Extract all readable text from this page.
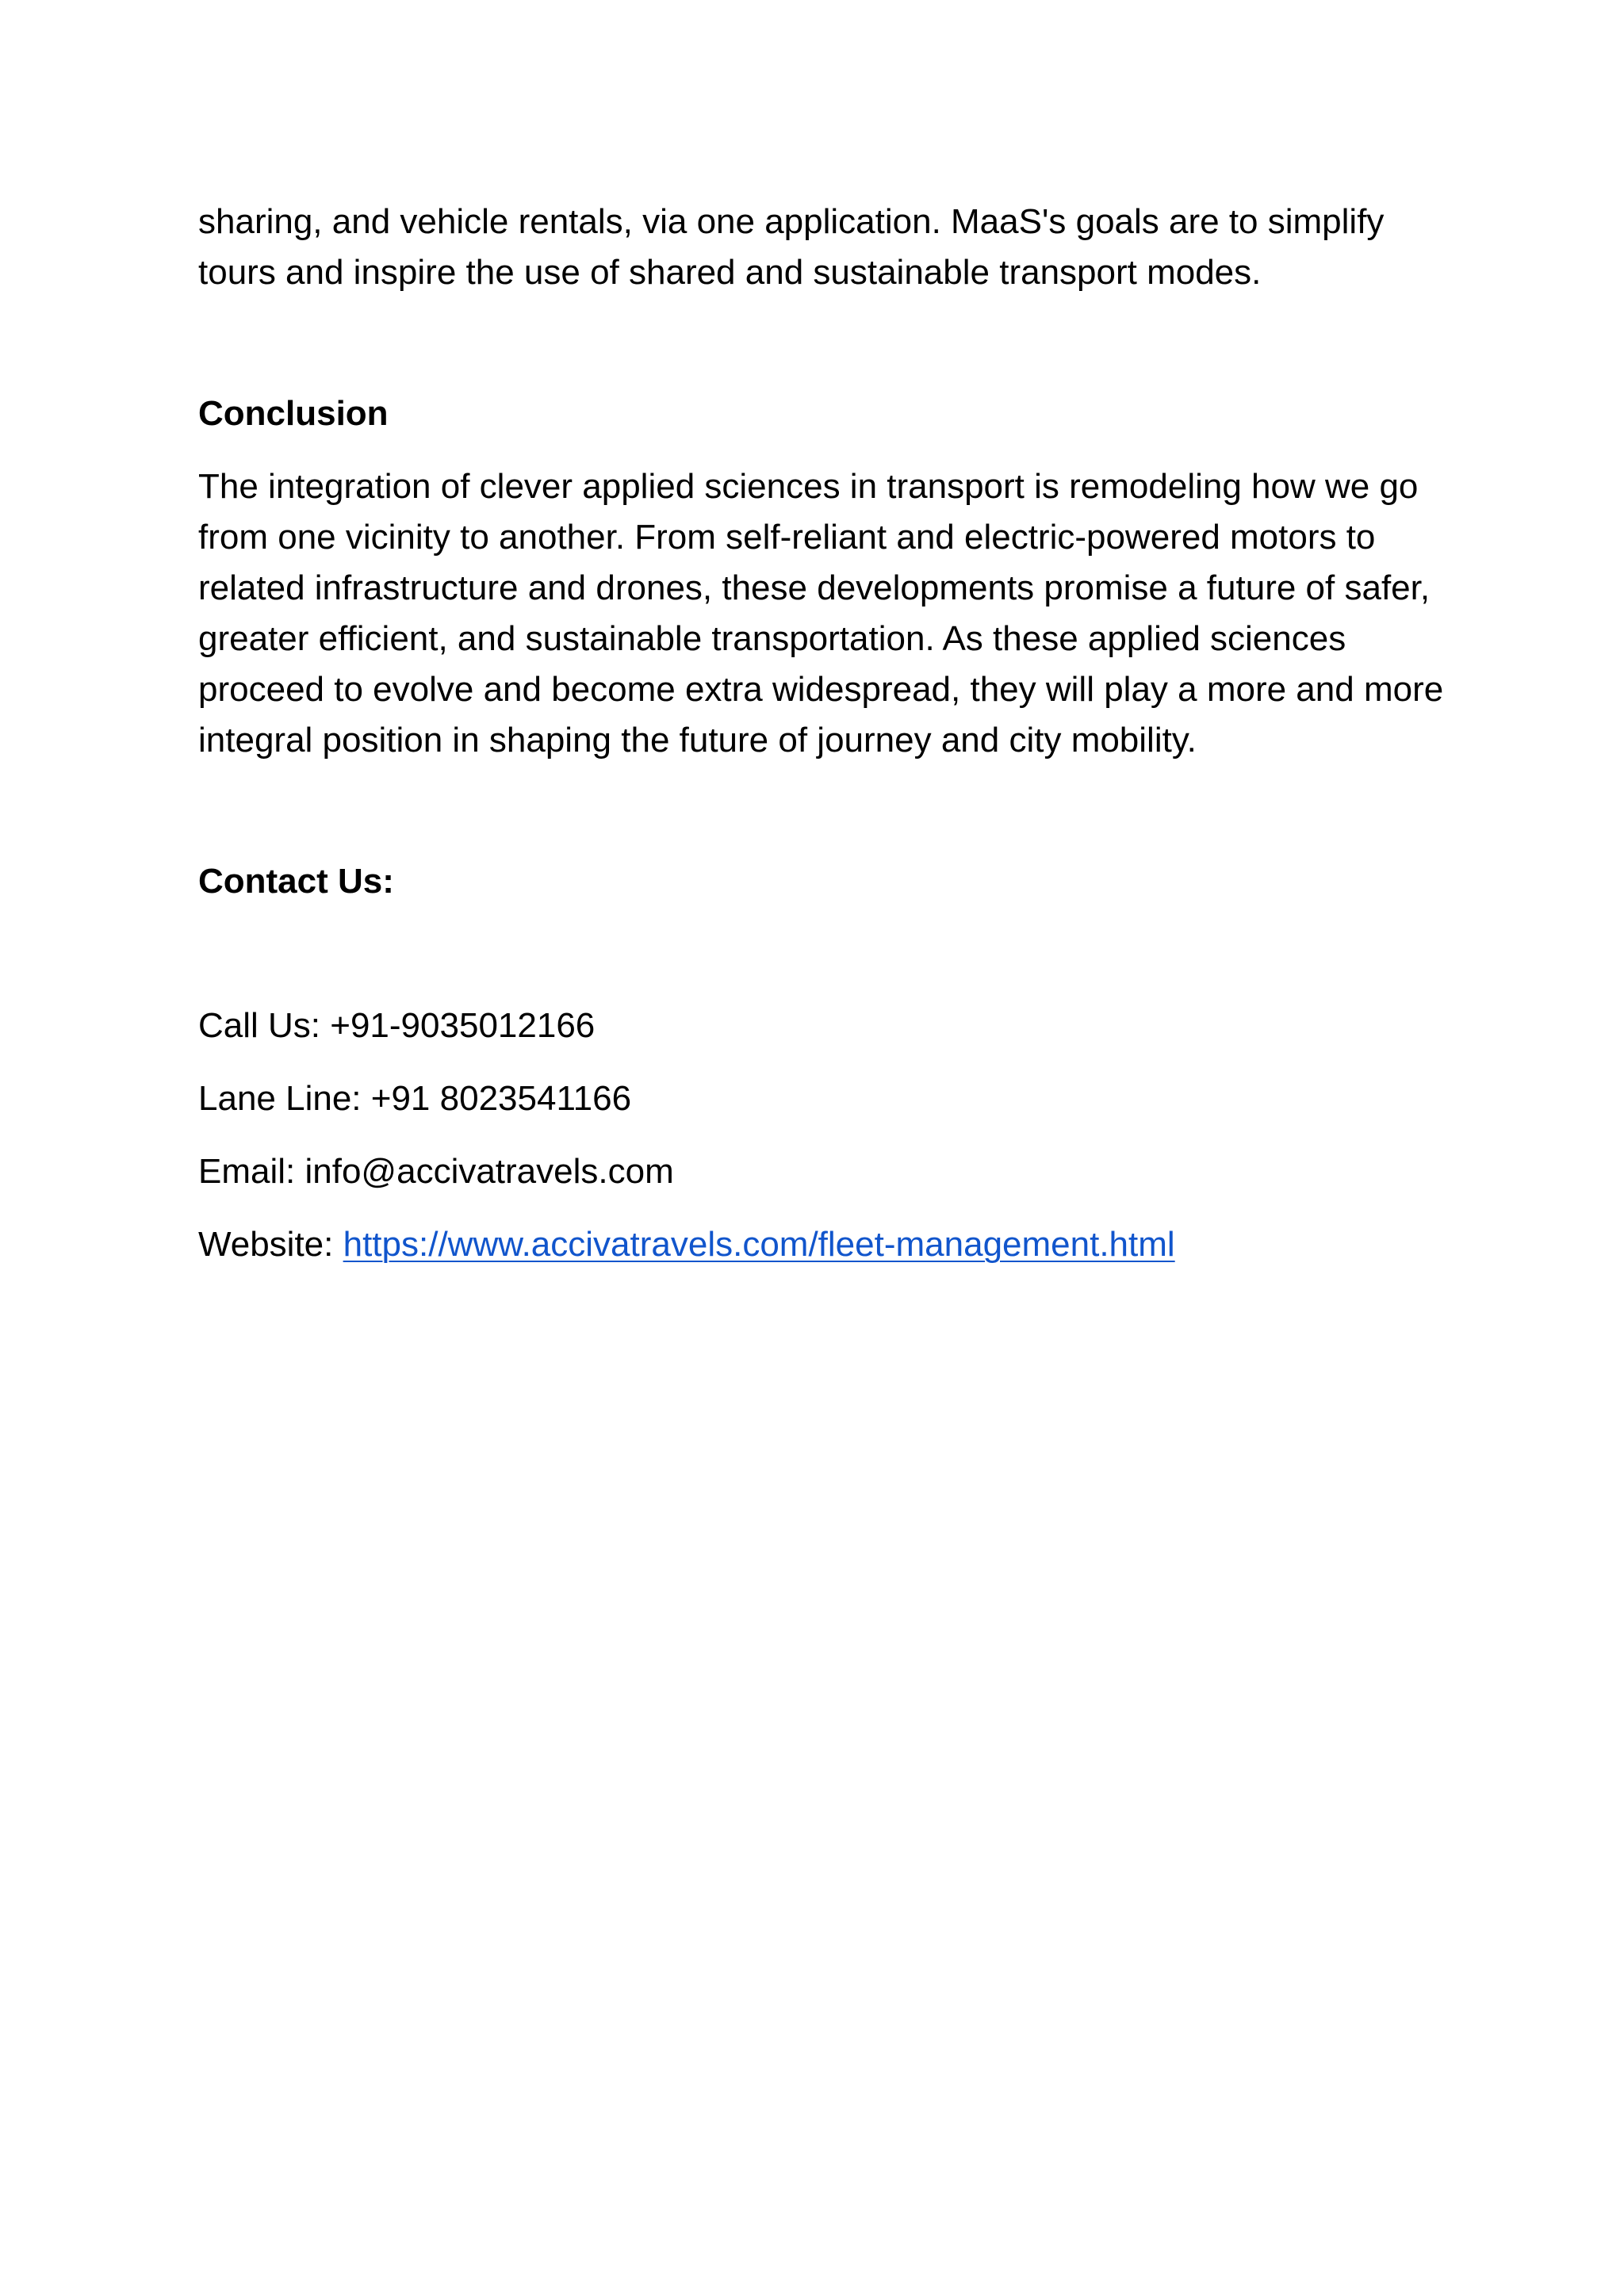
sharing, and vehicle rentals, via one application. MaaS's goals are to simplify tours and inspire the use of shared and sustainable transport modes.

Conclusion

The integration of clever applied sciences in transport is remodeling how we go from one vicinity to another. From self-reliant and electric-powered motors to related infrastructure and drones, these developments promise a future of safer, greater efficient, and sustainable transportation. As these applied sciences proceed to evolve and become extra widespread, they will play a more and more integral position in shaping the future of journey and city mobility.

Contact Us:

Call Us: +91-9035012166

Lane Line: +91 8023541166

Email: info@accivatravels.com

Website: https://www.accivatravels.com/fleet-management.html
